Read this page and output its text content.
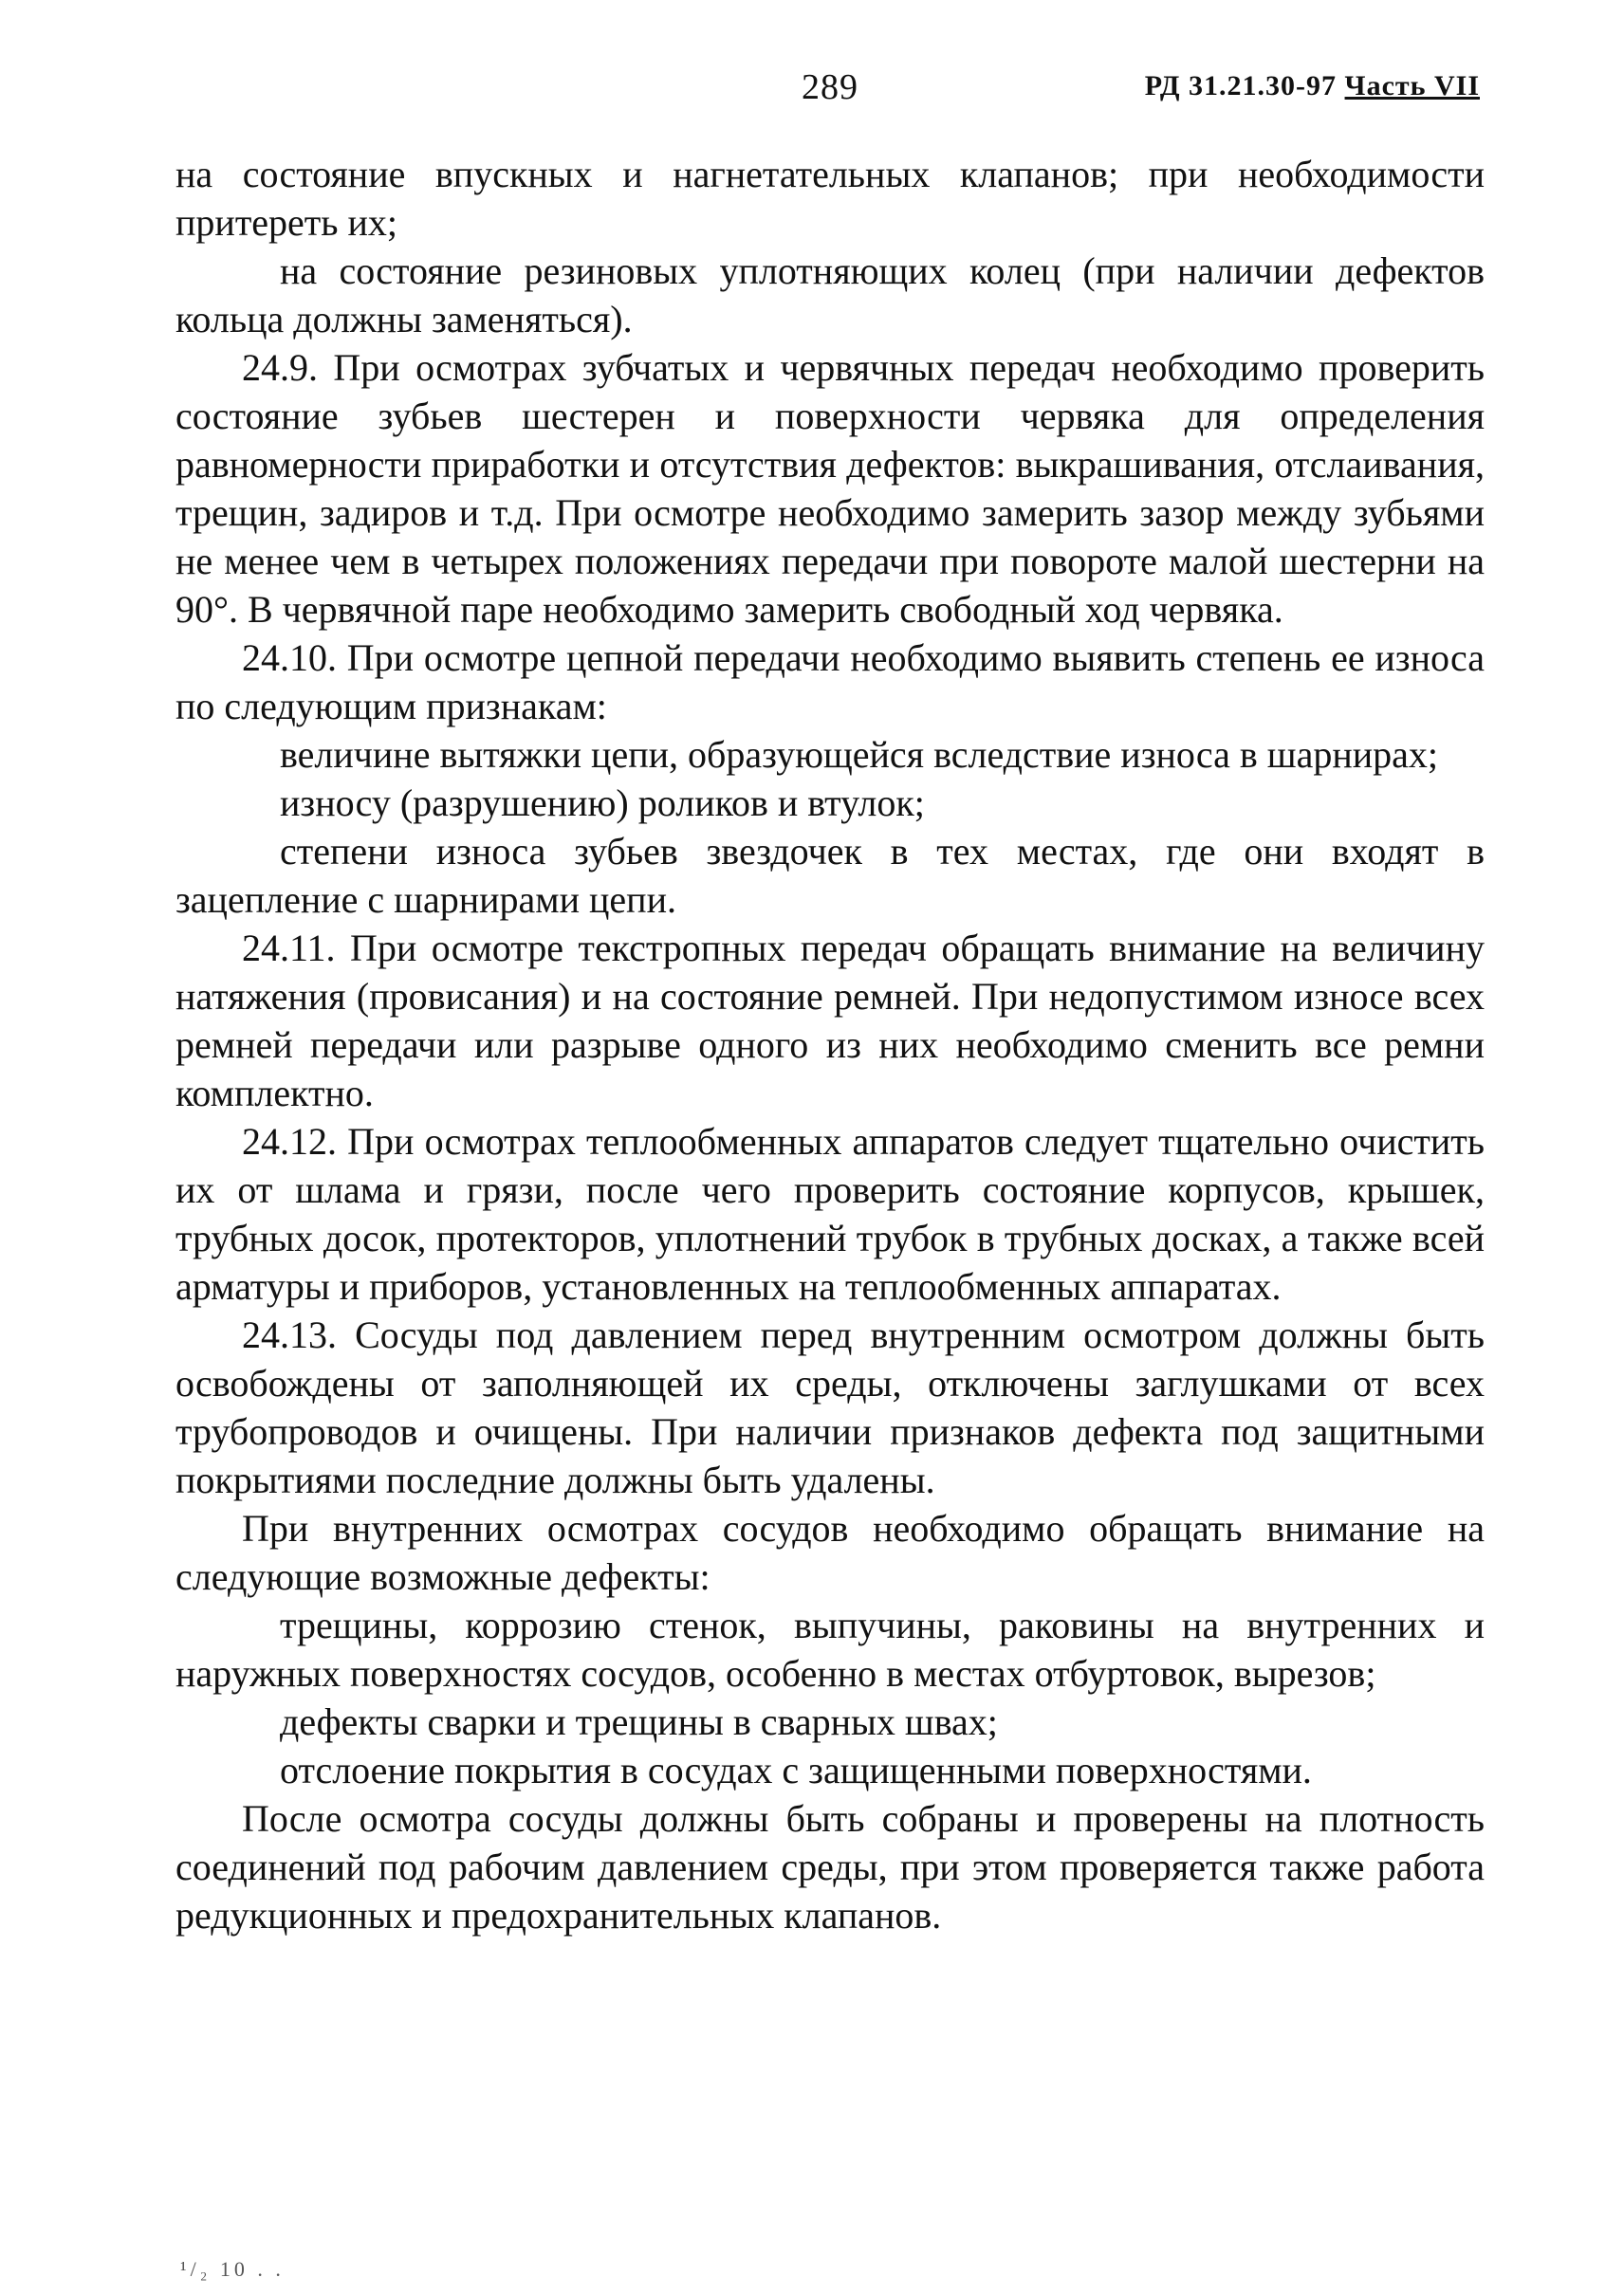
289	РД 31.21.30-97 Часть VII

на состояние впускных и нагнетательных клапанов; при необходимости притереть их;

на состояние резиновых уплотняющих колец (при наличии дефектов кольца должны заменяться).

24.9. При осмотрах зубчатых и червячных передач необходимо проверить состояние зубьев шестерен и поверхности червяка для определения равномерности приработки и отсутствия дефектов: выкрашивания, отслаивания, трещин, задиров и т.д. При осмотре необходимо замерить зазор между зубьями не менее чем в четырех положениях передачи при повороте малой шестерни на 90°. В червячной паре необходимо замерить свободный ход червяка.

24.10. При осмотре цепной передачи необходимо выявить степень ее износа по следующим признакам:

величине вытяжки цепи, образующейся вследствие износа в шарнирах;

износу (разрушению) роликов и втулок;

степени износа зубьев звездочек в тех местах, где они входят в зацепление с шарнирами цепи.

24.11. При осмотре текстропных передач обращать внимание на величину натяжения (провисания) и на состояние ремней. При недопустимом износе всех ремней передачи или разрыве одного из них необходимо сменить все ремни комплектно.

24.12. При осмотрах теплообменных аппаратов следует тщательно очистить их от шлама и грязи, после чего проверить состояние корпусов, крышек, трубных досок, протекторов, уплотнений трубок в трубных досках, а также всей арматуры и приборов, установленных на теплообменных аппаратах.

24.13. Сосуды под давлением перед внутренним осмотром должны быть освобождены от заполняющей их среды, отключены заглушками от всех трубопроводов и очищены. При наличии признаков дефекта под защитными покрытиями последние должны быть удалены.

При внутренних осмотрах сосудов необходимо обращать внимание на следующие возможные дефекты:

трещины, коррозию стенок, выпучины, раковины на внутренних и наружных поверхностях сосудов, особенно в местах отбуртовок, вырезов;

дефекты сварки и трещины в сварных швах;

отслоение покрытия в сосудах с защищенными поверхностями.

После осмотра сосуды должны быть собраны и проверены на плотность соединений под рабочим давлением среды, при этом проверяется также работа редукционных и предохранительных клапанов.

¹/₂ 10 . .
